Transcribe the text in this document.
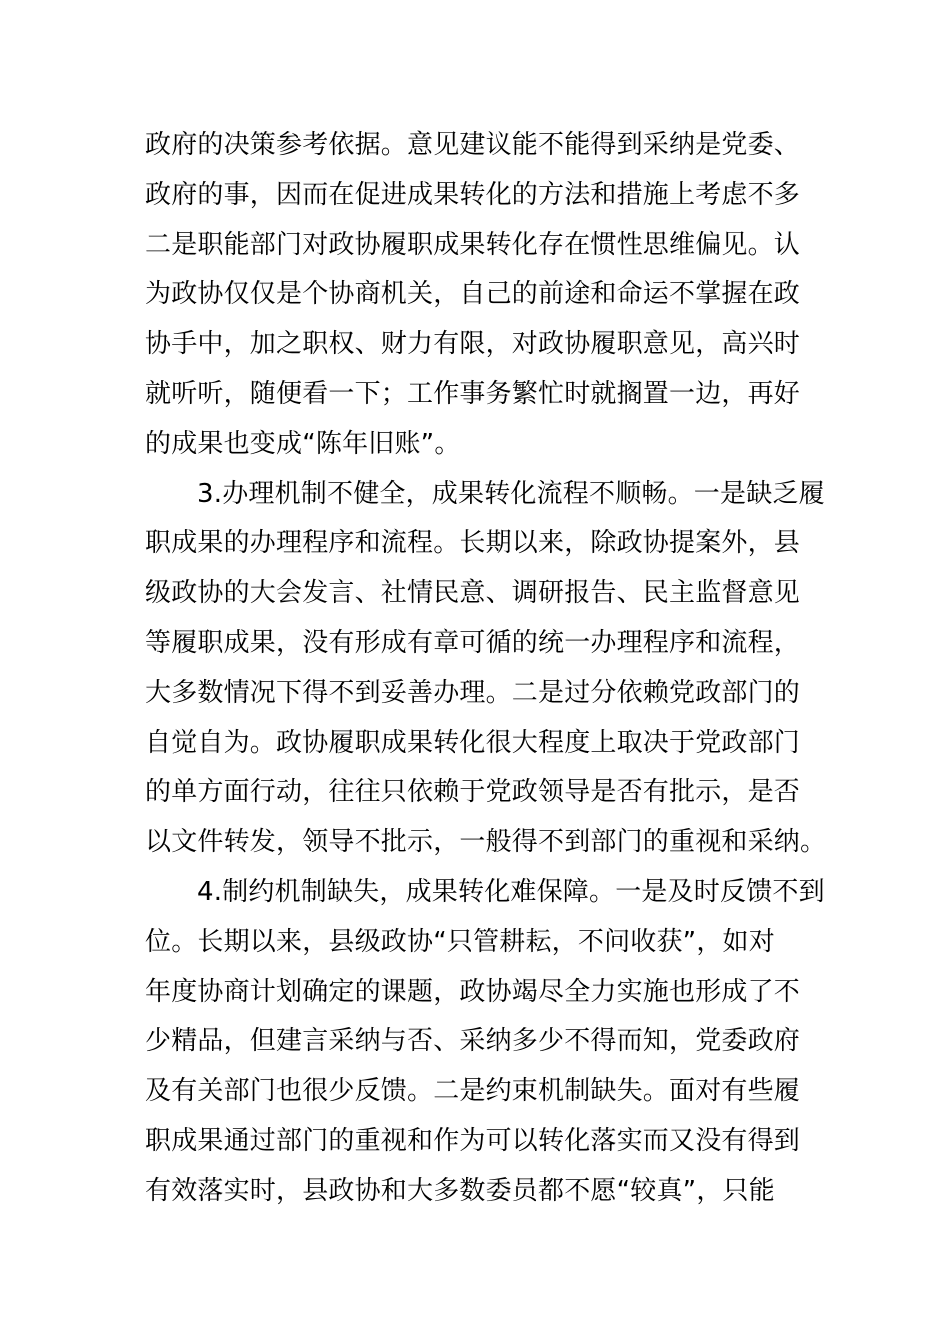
政府的决策参考依据。意见建议能不能得到采纳是党委、
政府的事，因而在促进成果转化的方法和措施上考虑不多
二是职能部门对政协履职成果转化存在惯性思维偏见。认
为政协仅仅是个协商机关，自己的前途和命运不掌握在政
协手中，加之职权、财力有限，对政协履职意见，高兴时
就听听，随便看一下；工作事务繁忙时就搁置一边，再好
的成果也变成“陈年旧账”。
3.办理机制不健全，成果转化流程不顺畅。一是缺乏履
职成果的办理程序和流程。长期以来，除政协提案外，县
级政协的大会发言、社情民意、调研报告、民主监督意见
等履职成果，没有形成有章可循的统一办理程序和流程，
大多数情况下得不到妥善办理。二是过分依赖党政部门的
自觉自为。政协履职成果转化很大程度上取决于党政部门
的单方面行动，往往只依赖于党政领导是否有批示，是否
以文件转发，领导不批示，一般得不到部门的重视和采纳。
4.制约机制缺失，成果转化难保障。一是及时反馈不到
位。长期以来，县级政协“只管耕耘，不问收获”，如对
年度协商计划确定的课题，政协竭尽全力实施也形成了不
少精品，但建言采纳与否、采纳多少不得而知，党委政府
及有关部门也很少反馈。二是约束机制缺失。面对有些履
职成果通过部门的重视和作为可以转化落实而又没有得到
有效落实时，县政协和大多数委员都不愿“较真”，只能
